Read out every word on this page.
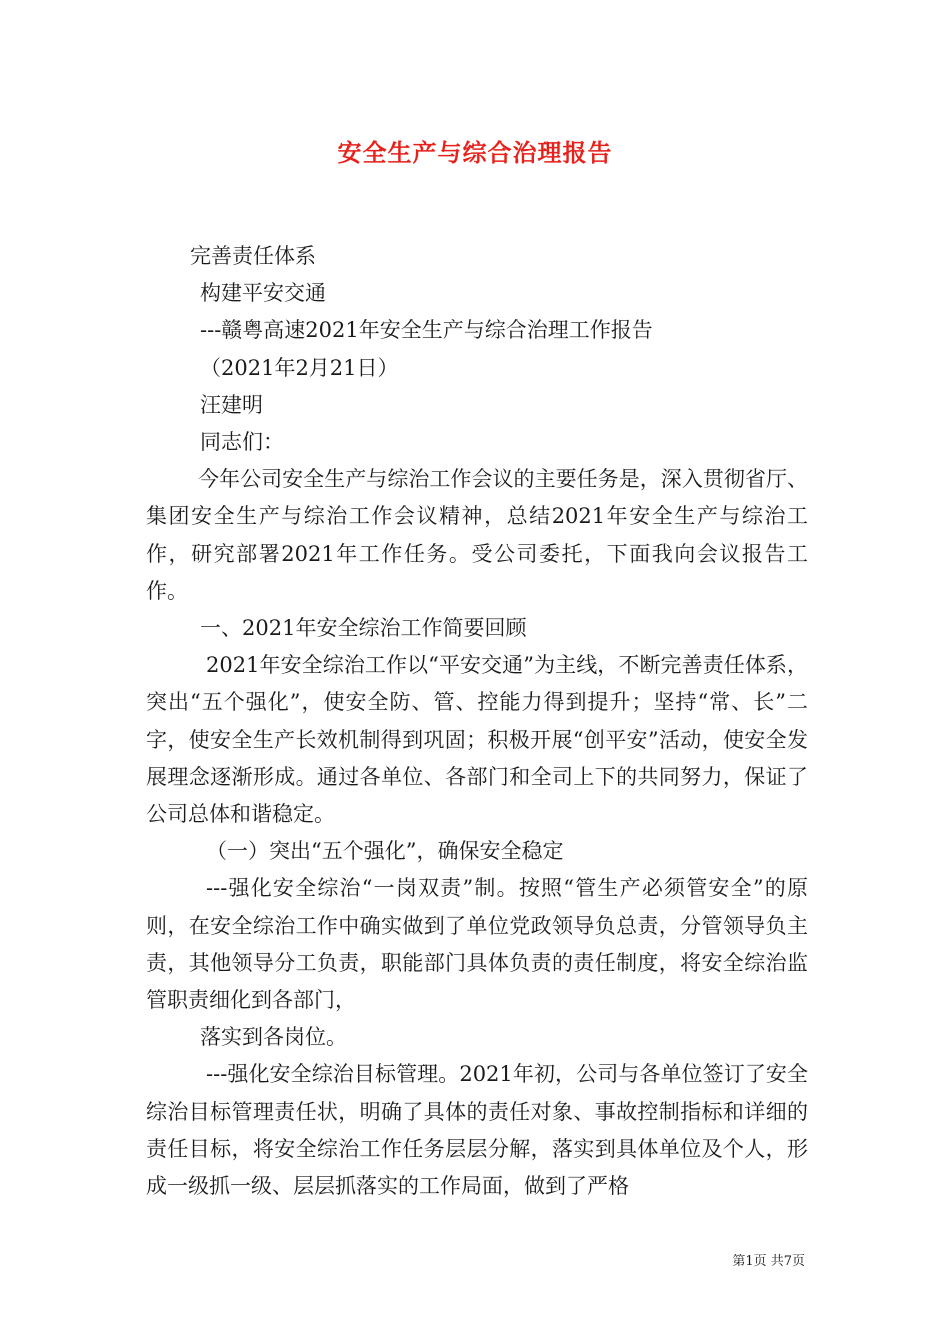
安全生产与综合治理报告

完善责任体系

构建平安交通

---赣粤高速2021年安全生产与综合治理工作报告

（2021年2月21日）

汪建明

同志们：

今年公司安全生产与综治工作会议的主要任务是，深入贯彻省厅、集团安全生产与综治工作会议精神，总结2021年安全生产与综治工作，研究部署2021年工作任务。受公司委托，下面我向会议报告工作。

一、2021年安全综治工作简要回顾

2021年安全综治工作以“平安交通”为主线，不断完善责任体系，突出“五个强化”，使安全防、管、控能力得到提升；坚持“常、长”二字，使安全生产长效机制得到巩固；积极开展“创平安”活动，使安全发展理念逐渐形成。通过各单位、各部门和全司上下的共同努力，保证了公司总体和谐稳定。

（一）突出“五个强化”，确保安全稳定

---强化安全综治“一岗双责”制。按照“管生产必须管安全”的原则，在安全综治工作中确实做到了单位党政领导负总责，分管领导负主责，其他领导分工负责，职能部门具体负责的责任制度，将安全综治监管职责细化到各部门，

落实到各岗位。

---强化安全综治目标管理。2021年初，公司与各单位签订了安全综治目标管理责任状，明确了具体的责任对象、事故控制指标和详细的责任目标，将安全综治工作任务层层分解，落实到具体单位及个人，形成一级抓一级、层层抓落实的工作局面，做到了严格

第1页 共7页
